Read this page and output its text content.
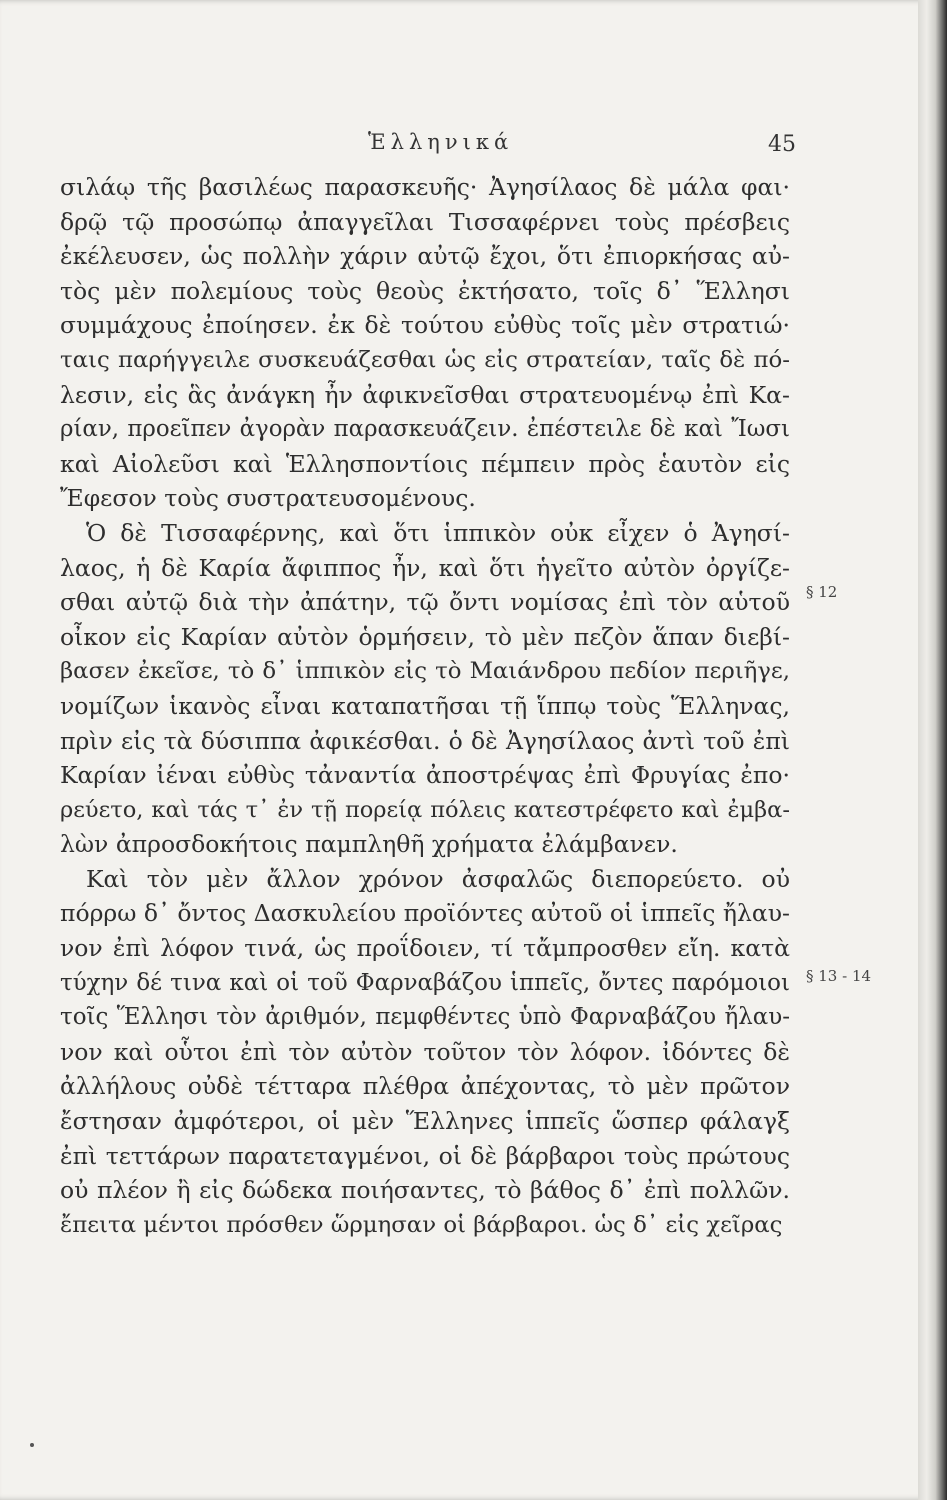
Ἑλληνικά	45
σιλάῳ τῆς βασιλέως παρασκευῆς· Ἀγησίλαος δὲ μάλα φαι·
δρῷ τῷ προσώπῳ ἀπαγγεῖλαι Τισσαφέρνει τοὺς πρέσβεις
ἐκέλευσεν, ὡς πολλὴν χάριν αὐτῷ ἔχοι, ὅτι ἐπιορκήσας αὐ-
τὸς μὲν πολεμίους τοὺς θεοὺς ἐκτήσατο, τοῖς δ᾽ Ἕλλησι
συμμάχους ἐποίησεν. ἐκ δὲ τούτου εὐθὺς τοῖς μὲν στρατιώ·
ταις παρήγγειλε συσκευάζεσθαι ὡς εἰς στρατείαν, ταῖς δὲ πό-
λεσιν, εἰς ἃς ἀνάγκη ἦν ἀφικνεῖσθαι στρατευομένῳ ἐπὶ Κα-
ρίαν, προεῖπεν ἀγορὰν παρασκευάζειν. ἐπέστειλε δὲ καὶ Ἴωσι
καὶ Αἰολεῦσι καὶ Ἑλλησποντίοις πέμπειν πρὸς ἑαυτὸν εἰς
Ἔφεσον τοὺς συστρατευσομένους.
Ὁ δὲ Τισσαφέρνης, καὶ ὅτι ἱππικὸν οὐκ εἶχεν ὁ Ἀγησί-
λαος, ἡ δὲ Καρία ἄφιππος ἦν, καὶ ὅτι ἡγεῖτο αὐτὸν ὀργίζε-
σθαι αὐτῷ διὰ τὴν ἀπάτην, τῷ ὄντι νομίσας ἐπὶ τὸν αὑτοῦ
οἶκον εἰς Καρίαν αὐτὸν ὁρμήσειν, τὸ μὲν πεζὸν ἅπαν διεβί-
βασεν ἐκεῖσε, τὸ δ᾽ ἱππικὸν εἰς τὸ Μαιάνδρου πεδίον περιῆγε,
νομίζων ἱκανὸς εἶναι καταπατῆσαι τῇ ἵππῳ τοὺς Ἕλληνας,
πρὶν εἰς τὰ δύσιππα ἀφικέσθαι. ὁ δὲ Ἀγησίλαος ἀντὶ τοῦ ἐπὶ
Καρίαν ἰέναι εὐθὺς τἀναντία ἀποστρέψας ἐπὶ Φρυγίας ἐπο·
ρεύετο, καὶ τάς τ᾽ ἐν τῇ πορείᾳ πόλεις κατεστρέφετο καὶ ἐμβα-
λὼν ἀπροσδοκήτοις παμπληθῆ χρήματα ἐλάμβανεν.
Καὶ τὸν μὲν ἄλλον χρόνον ἀσφαλῶς διεπορεύετο. οὐ
πόρρω δ᾽ ὄντος Δασκυλείου προϊόντες αὐτοῦ οἱ ἱππεῖς ἤλαυ-
νον ἐπὶ λόφον τινά, ὡς προΐδοιεν, τί τἄμπροσθεν εἴη. κατὰ
τύχην δέ τινα καὶ οἱ τοῦ Φαρναβάζου ἱππεῖς, ὄντες παρόμοιοι
τοῖς Ἕλλησι τὸν ἀριθμόν, πεμφθέντες ὑπὸ Φαρναβάζου ἤλαυ-
νον καὶ οὗτοι ἐπὶ τὸν αὐτὸν τοῦτον τὸν λόφον. ἰδόντες δὲ
ἀλλήλους οὐδὲ τέτταρα πλέθρα ἀπέχοντας, τὸ μὲν πρῶτον
ἔστησαν ἀμφότεροι, οἱ μὲν Ἕλληνες ἱππεῖς ὥσπερ φάλαγξ
ἐπὶ τεττάρων παρατεταγμένοι, οἱ δὲ βάρβαροι τοὺς πρώτους
οὐ πλέον ἢ εἰς δώδεκα ποιήσαντες, τὸ βάθος δ᾽ ἐπὶ πολλῶν.
ἔπειτα μέντοι πρόσθεν ὥρμησαν οἱ βάρβαροι. ὡς δ᾽ εἰς χεῖρας
§ 12
§ 13 - 14
